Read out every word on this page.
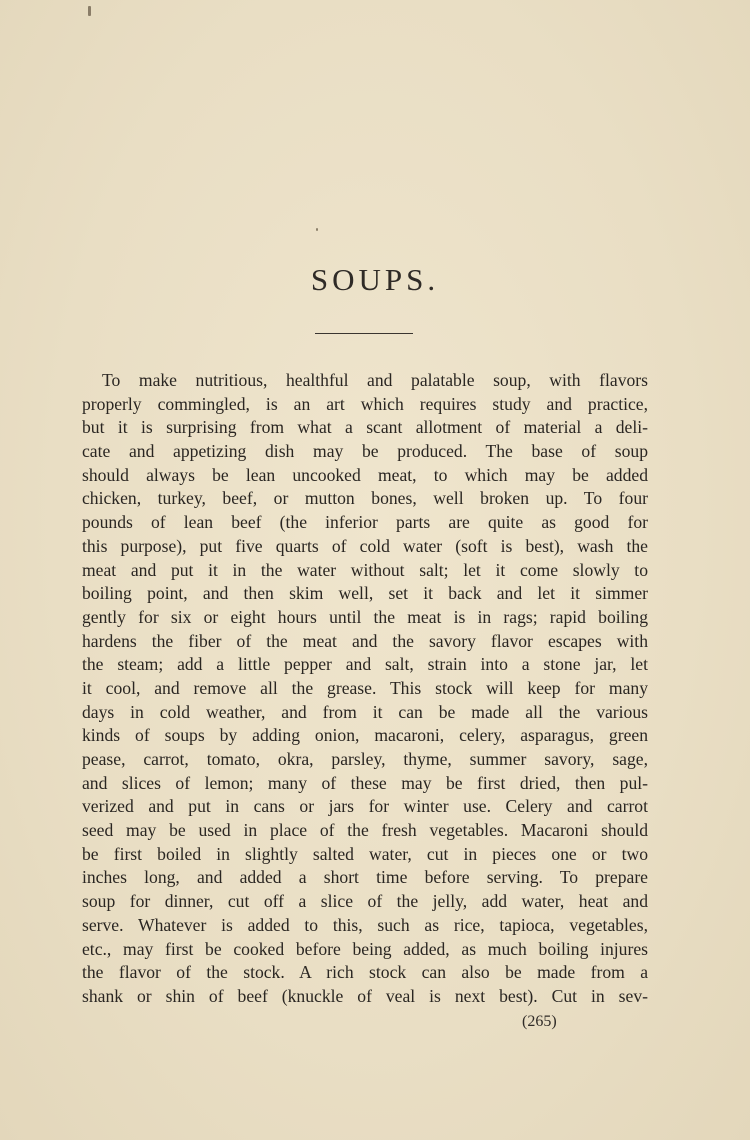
SOUPS.
To make nutritious, healthful and palatable soup, with flavors
properly commingled, is an art which requires study and practice,
but it is surprising from what a scant allotment of material a deli-
cate and appetizing dish may be produced. The base of soup
should always be lean uncooked meat, to which may be added
chicken, turkey, beef, or mutton bones, well broken up. To four
pounds of lean beef (the inferior parts are quite as good for
this purpose), put five quarts of cold water (soft is best), wash the
meat and put it in the water without salt; let it come slowly to
boiling point, and then skim well, set it back and let it simmer
gently for six or eight hours until the meat is in rags; rapid boiling
hardens the fiber of the meat and the savory flavor escapes with
the steam; add a little pepper and salt, strain into a stone jar, let
it cool, and remove all the grease. This stock will keep for many
days in cold weather, and from it can be made all the various
kinds of soups by adding onion, macaroni, celery, asparagus, green
pease, carrot, tomato, okra, parsley, thyme, summer savory, sage,
and slices of lemon; many of these may be first dried, then pul-
verized and put in cans or jars for winter use. Celery and carrot
seed may be used in place of the fresh vegetables. Macaroni should
be first boiled in slightly salted water, cut in pieces one or two
inches long, and added a short time before serving. To prepare
soup for dinner, cut off a slice of the jelly, add water, heat and
serve. Whatever is added to this, such as rice, tapioca, vegetables,
etc., may first be cooked before being added, as much boiling injures
the flavor of the stock. A rich stock can also be made from a
shank or shin of beef (knuckle of veal is next best). Cut in sev-
(265)
